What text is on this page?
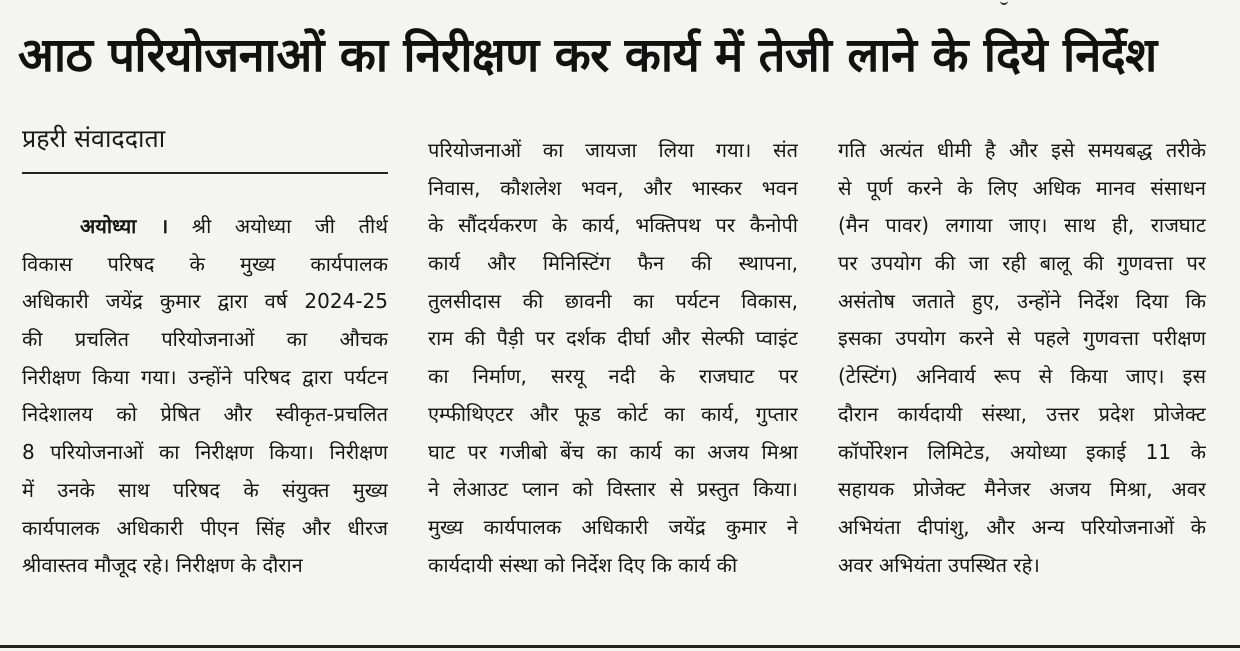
आठ परियोजनाओं का निरीक्षण कर कार्य में तेजी लाने के दिये निर्देश
प्रहरी संवाददाता
अयोध्या । श्री अयोध्या जी तीर्थ
विकास परिषद के मुख्य कार्यपालक
अधिकारी जयेंद्र कुमार द्वारा वर्ष 2024-25
की प्रचलित परियोजनाओं का औचक
निरीक्षण किया गया। उन्होंने परिषद द्वारा पर्यटन
निदेशालय को प्रेषित और स्वीकृत-प्रचलित
8 परियोजनाओं का निरीक्षण किया। निरीक्षण
में उनके साथ परिषद के संयुक्त मुख्य
कार्यपालक अधिकारी पीएन सिंह और धीरज
श्रीवास्तव मौजूद रहे। निरीक्षण के दौरान
परियोजनाओं का जायजा लिया गया। संत
निवास, कौशलेश भवन, और भास्कर भवन
के सौंदर्यकरण के कार्य, भक्तिपथ पर कैनोपी
कार्य और मिनिस्टिंग फैन की स्थापना,
तुलसीदास की छावनी का पर्यटन विकास,
राम की पैड़ी पर दर्शक दीर्घा और सेल्फी प्वाइंट
का निर्माण, सरयू नदी के राजघाट पर
एम्फीथिएटर और फूड कोर्ट का कार्य, गुप्तार
घाट पर गजीबो बेंच का कार्य का अजय मिश्रा
ने लेआउट प्लान को विस्तार से प्रस्तुत किया।
मुख्य कार्यपालक अधिकारी जयेंद्र कुमार ने
कार्यदायी संस्था को निर्देश दिए कि कार्य की
गति अत्यंत धीमी है और इसे समयबद्ध तरीके
से पूर्ण करने के लिए अधिक मानव संसाधन
(मैन पावर) लगाया जाए। साथ ही, राजघाट
पर उपयोग की जा रही बालू की गुणवत्ता पर
असंतोष जताते हुए, उन्होंने निर्देश दिया कि
इसका उपयोग करने से पहले गुणवत्ता परीक्षण
(टेस्टिंग) अनिवार्य रूप से किया जाए। इस
दौरान कार्यदायी संस्था, उत्तर प्रदेश प्रोजेक्ट
कॉर्पोरेशन लिमिटेड, अयोध्या इकाई 11 के
सहायक प्रोजेक्ट मैनेजर अजय मिश्रा, अवर
अभियंता दीपांशु, और अन्य परियोजनाओं के
अवर अभियंता उपस्थित रहे।
